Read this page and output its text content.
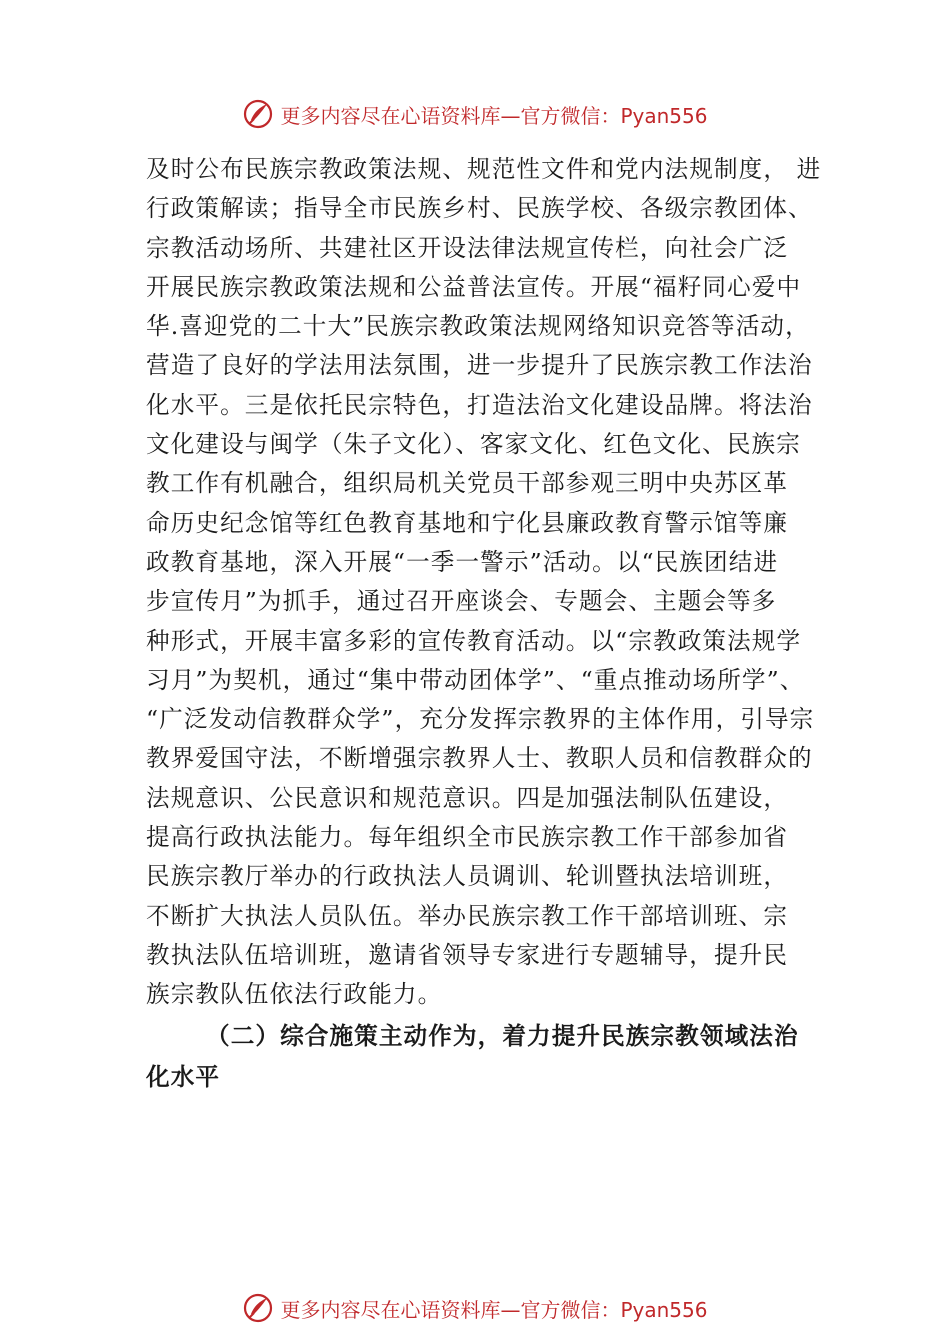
更多内容尽在心语资料库—官方微信：Pyan556
及时公布民族宗教政策法规、规范性文件和党内法规制度， 进
行政策解读；指导全市民族乡村、民族学校、各级宗教团体、
宗教活动场所、共建社区开设法律法规宣传栏，向社会广泛
开展民族宗教政策法规和公益普法宣传。开展“福籽同心爱中
华.喜迎党的二十大”民族宗教政策法规网络知识竞答等活动，
营造了良好的学法用法氛围，进一步提升了民族宗教工作法治
化水平。三是依托民宗特色，打造法治文化建设品牌。将法治
文化建设与闽学（朱子文化）、客家文化、红色文化、民族宗
教工作有机融合，组织局机关党员干部参观三明中央苏区革
命历史纪念馆等红色教育基地和宁化县廉政教育警示馆等廉
政教育基地，深入开展“一季一警示”活动。以“民族团结进
步宣传月”为抓手，通过召开座谈会、专题会、主题会等多
种形式，开展丰富多彩的宣传教育活动。以“宗教政策法规学
习月”为契机，通过“集中带动团体学”、“重点推动场所学”、
“广泛发动信教群众学”，充分发挥宗教界的主体作用，引导宗
教界爱国守法，不断增强宗教界人士、教职人员和信教群众的
法规意识、公民意识和规范意识。四是加强法制队伍建设，
提高行政执法能力。每年组织全市民族宗教工作干部参加省
民族宗教厅举办的行政执法人员调训、轮训暨执法培训班，
不断扩大执法人员队伍。举办民族宗教工作干部培训班、宗
教执法队伍培训班，邀请省领导专家进行专题辅导，提升民
族宗教队伍依法行政能力。
（二）综合施策主动作为，着力提升民族宗教领域法治
化水平
更多内容尽在心语资料库—官方微信：Pyan556
